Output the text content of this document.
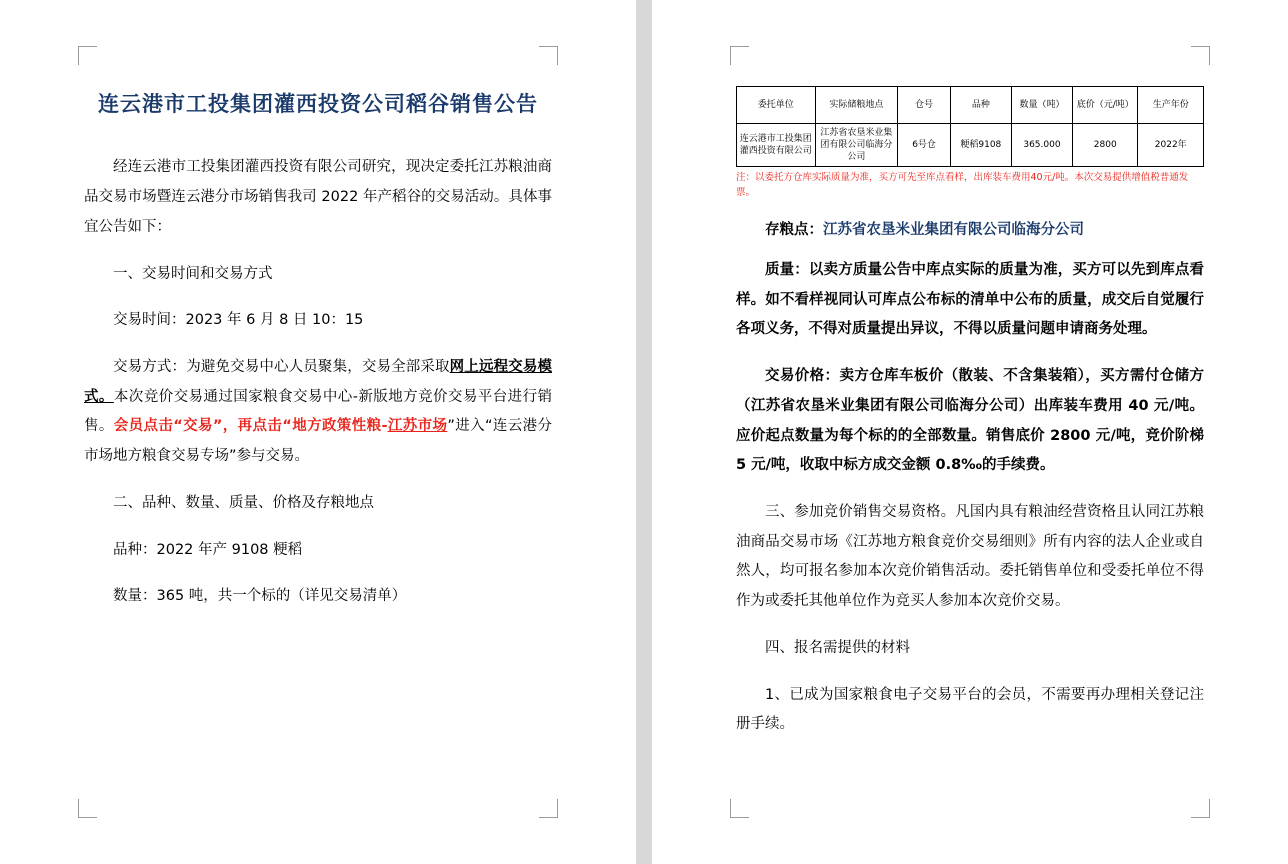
连云港市工投集团灌西投资公司稻谷销售公告

经连云港市工投集团灌西投资有限公司研究，现决定委托江苏粮油商品交易市场暨连云港分市场销售我司 2022 年产稻谷的交易活动。具体事宜公告如下：

一、交易时间和交易方式

交易时间：2023 年 6 月 8 日 10：15

交易方式：为避免交易中心人员聚集，交易全部采取网上远程交易模式。本次竞价交易通过国家粮食交易中心-新版地方竞价交易平台进行销售。会员点击“交易”，再点击“地方政策性粮-江苏市场”进入“连云港分市场地方粮食交易专场”参与交易。

二、品种、数量、质量、价格及存粮地点

品种：2022 年产 9108 粳稻

数量：365 吨，共一个标的（详见交易清单）

委托单位	实际储粮地点	仓号	品种	数量（吨）	底价（元/吨）	生产年份
连云港市工投集团灌西投资有限公司	江苏省农垦米业集团有限公司临海分公司	6号仓	粳稻9108	365.000	2800	2022年
注：以委托方仓库实际质量为准，买方可先至库点看样，出库装车费用40元/吨。本次交易提供增值税普通发票。

存粮点：江苏省农垦米业集团有限公司临海分公司

质量：以卖方质量公告中库点实际的质量为准，买方可以先到库点看样。如不看样视同认可库点公布标的清单中公布的质量，成交后自觉履行各项义务，不得对质量提出异议，不得以质量问题申请商务处理。

交易价格：卖方仓库车板价（散装、不含集装箱），买方需付仓储方（江苏省农垦米业集团有限公司临海分公司）出库装车费用 40 元/吨。应价起点数量为每个标的的全部数量。销售底价 2800 元/吨，竞价阶梯 5 元/吨，收取中标方成交金额 0.8‰的手续费。

三、参加竞价销售交易资格。凡国内具有粮油经营资格且认同江苏粮油商品交易市场《江苏地方粮食竞价交易细则》所有内容的法人企业或自然人，均可报名参加本次竞价销售活动。委托销售单位和受委托单位不得作为或委托其他单位作为竞买人参加本次竞价交易。

四、报名需提供的材料

1、已成为国家粮食电子交易平台的会员，不需要再办理相关登记注册手续。
